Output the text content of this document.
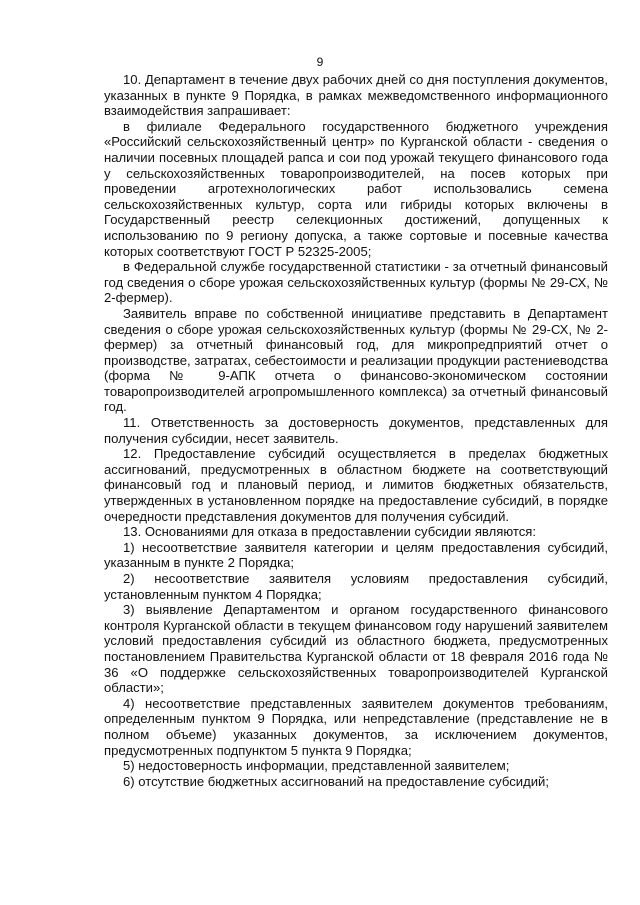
9

10. Департамент в течение двух рабочих дней со дня поступления документов, указанных в пункте 9 Порядка, в рамках межведомственного информационного взаимодействия запрашивает:

в филиале Федерального государственного бюджетного учреждения «Российский сельскохозяйственный центр» по Курганской области - сведения о наличии посевных площадей рапса и сои под урожай текущего финансового года у сельскохозяйственных товаропроизводителей, на посев которых при проведении агротехнологических работ использовались семена сельскохозяйственных культур, сорта или гибриды которых включены в Государственный реестр селекционных достижений, допущенных к использованию по 9 региону допуска, а также сортовые и посевные качества которых соответствуют ГОСТ Р 52325-2005;

в Федеральной службе государственной статистики - за отчетный финансовый год сведения о сборе урожая сельскохозяйственных культур (формы № 29-СХ, № 2-фермер).

Заявитель вправе по собственной инициативе представить в Департамент сведения о сборе урожая сельскохозяйственных культур (формы № 29-СХ, № 2-фермер) за отчетный финансовый год, для микропредприятий отчет о производстве, затратах, себестоимости и реализации продукции растениеводства (форма № 9-АПК отчета о финансово-экономическом состоянии товаропроизводителей агропромышленного комплекса) за отчетный финансовый год.

11. Ответственность за достоверность документов, представленных для получения субсидии, несет заявитель.

12. Предоставление субсидий осуществляется в пределах бюджетных ассигнований, предусмотренных в областном бюджете на соответствующий финансовый год и плановый период, и лимитов бюджетных обязательств, утвержденных в установленном порядке на предоставление субсидий, в порядке очередности представления документов для получения субсидий.

13. Основаниями для отказа в предоставлении субсидии являются:

1) несоответствие заявителя категории и целям предоставления субсидий, указанным в пункте 2 Порядка;

2) несоответствие заявителя условиям предоставления субсидий, установленным пунктом 4 Порядка;

3) выявление Департаментом и органом государственного финансового контроля Курганской области в текущем финансовом году нарушений заявителем условий предоставления субсидий из областного бюджета, предусмотренных постановлением Правительства Курганской области от 18 февраля 2016 года № 36 «О поддержке сельскохозяйственных товаропроизводителей Курганской области»;

4) несоответствие представленных заявителем документов требованиям, определенным пунктом 9 Порядка, или непредставление (представление не в полном объеме) указанных документов, за исключением документов, предусмотренных подпунктом 5 пункта 9 Порядка;

5) недостоверность информации, представленной заявителем;

6) отсутствие бюджетных ассигнований на предоставление субсидий;
